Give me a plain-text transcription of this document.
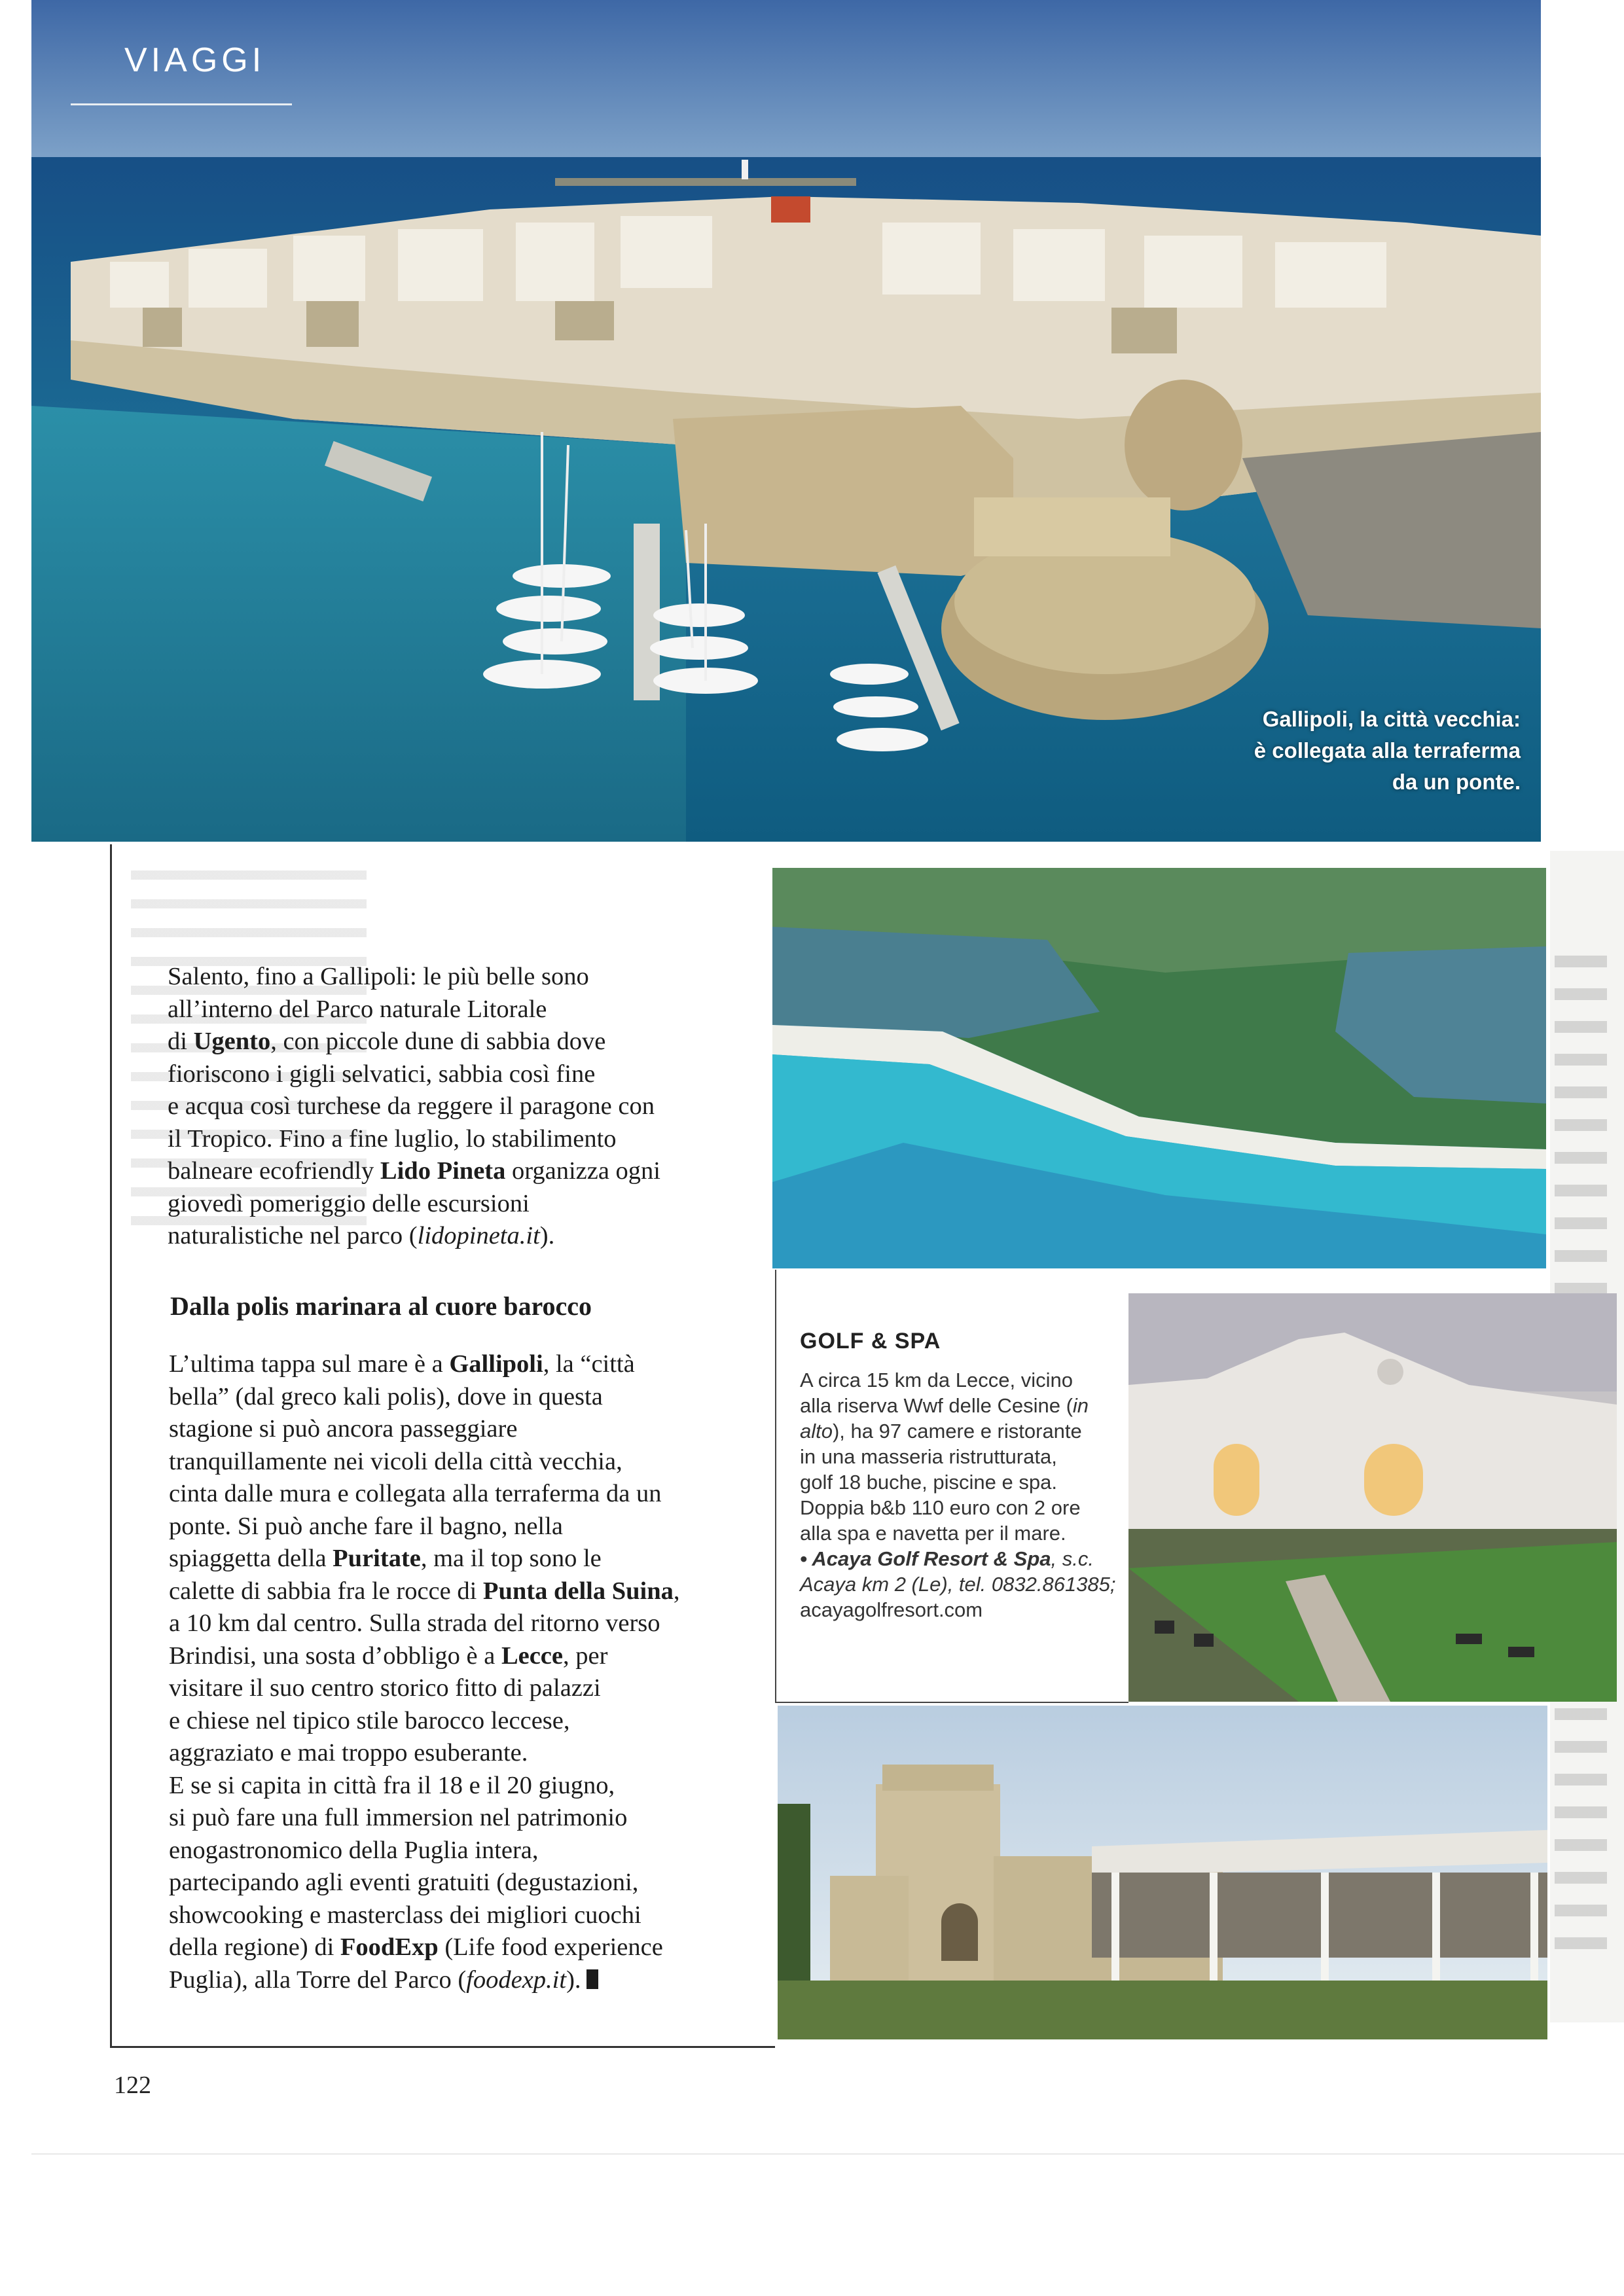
VIAGGI
Gallipoli, la città vecchia:
è collegata alla terraferma
da un ponte.
Salento, fino a Gallipoli: le più belle sono
all’interno del Parco naturale Litorale
di Ugento, con piccole dune di sabbia dove
fioriscono i gigli selvatici, sabbia così fine
e acqua così turchese da reggere il paragone con
il Tropico. Fino a fine luglio, lo stabilimento
balneare ecofriendly Lido Pineta organizza ogni
giovedì pomeriggio delle escursioni
naturalistiche nel parco (lidopineta.it).
Dalla polis marinara al cuore barocco
L’ultima tappa sul mare è a Gallipoli, la “città
bella” (dal greco kali polis), dove in questa
stagione si può ancora passeggiare
tranquillamente nei vicoli della città vecchia,
cinta dalle mura e collegata alla terraferma da un
ponte. Si può anche fare il bagno, nella
spiaggetta della Puritate, ma il top sono le
calette di sabbia fra le rocce di Punta della Suina,
a 10 km dal centro. Sulla strada del ritorno verso
Brindisi, una sosta d’obbligo è a Lecce, per
visitare il suo centro storico fitto di palazzi
e chiese nel tipico stile barocco leccese,
aggraziato e mai troppo esuberante.
E se si capita in città fra il 18 e il 20 giugno,
si può fare una full immersion nel patrimonio
enogastronomico della Puglia intera,
partecipando agli eventi gratuiti (degustazioni,
showcooking e masterclass dei migliori cuochi
della regione) di FoodExp (Life food experience
Puglia), alla Torre del Parco (foodexp.it).
GOLF & SPA
A circa 15 km da Lecce, vicino
alla riserva Wwf delle Cesine (in
alto), ha 97 camere e ristorante
in una masseria ristrutturata,
golf 18 buche, piscine e spa.
Doppia b&b 110 euro con 2 ore
alla spa e navetta per il mare.
• Acaya Golf Resort & Spa, s.c.
Acaya km 2 (Le), tel. 0832.861385;
acayagolfresort.com
122
